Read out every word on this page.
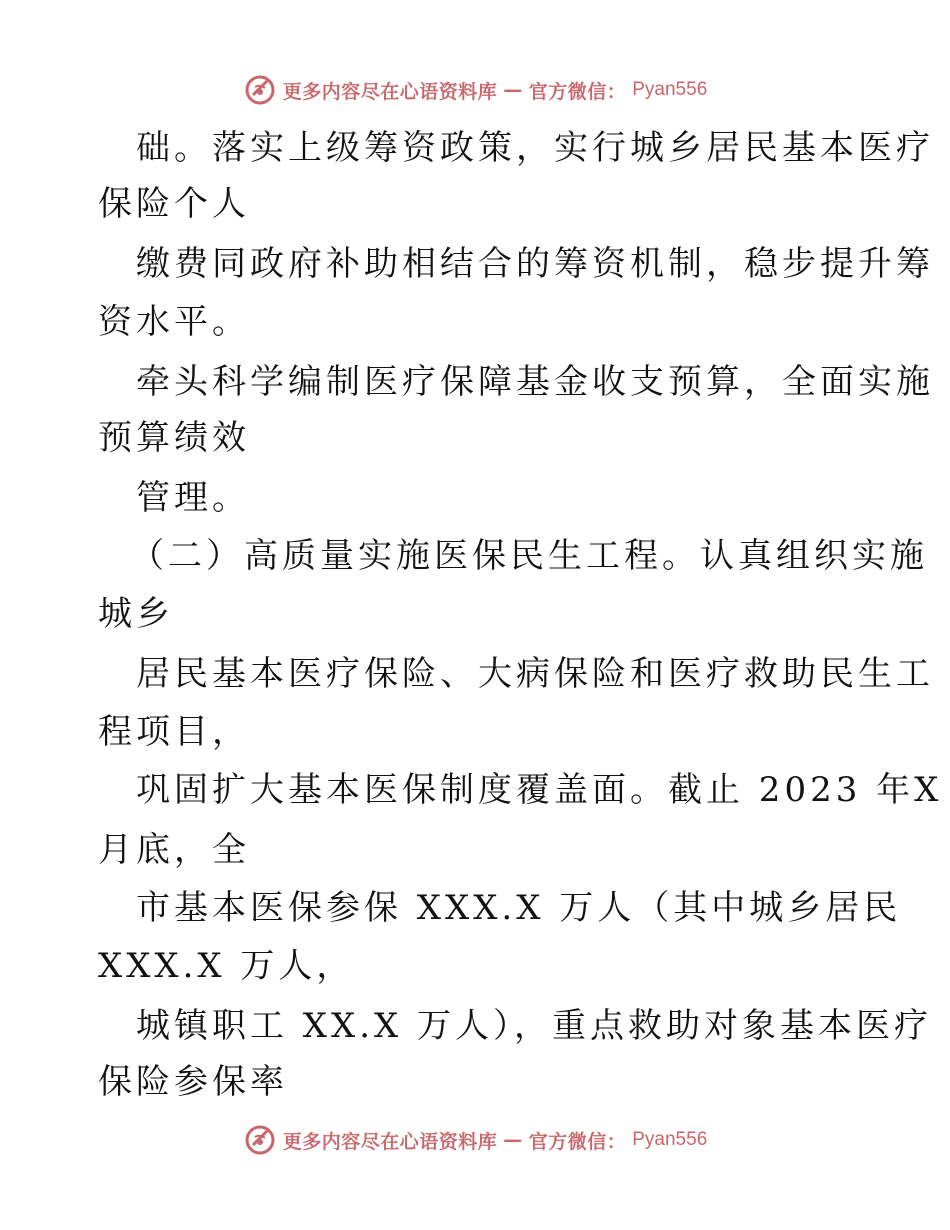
更多内容尽在心语资料库 — 官方微信： Pyan556
础。落实上级筹资政策，实行城乡居民基本医疗
保险个人
缴费同政府补助相结合的筹资机制，稳步提升筹
资水平。
牵头科学编制医疗保障基金收支预算，全面实施
预算绩效
管理。
（二）高质量实施医保民生工程。认真组织实施
城乡
居民基本医疗保险、大病保险和医疗救助民生工
程项目，
巩固扩大基本医保制度覆盖面。截止 2023 年X
月底，全
市基本医保参保 XXX.X 万人（其中城乡居民
XXX.X 万人，
城镇职工 XX.X 万人），重点救助对象基本医疗
保险参保率
更多内容尽在心语资料库 — 官方微信： Pyan556
